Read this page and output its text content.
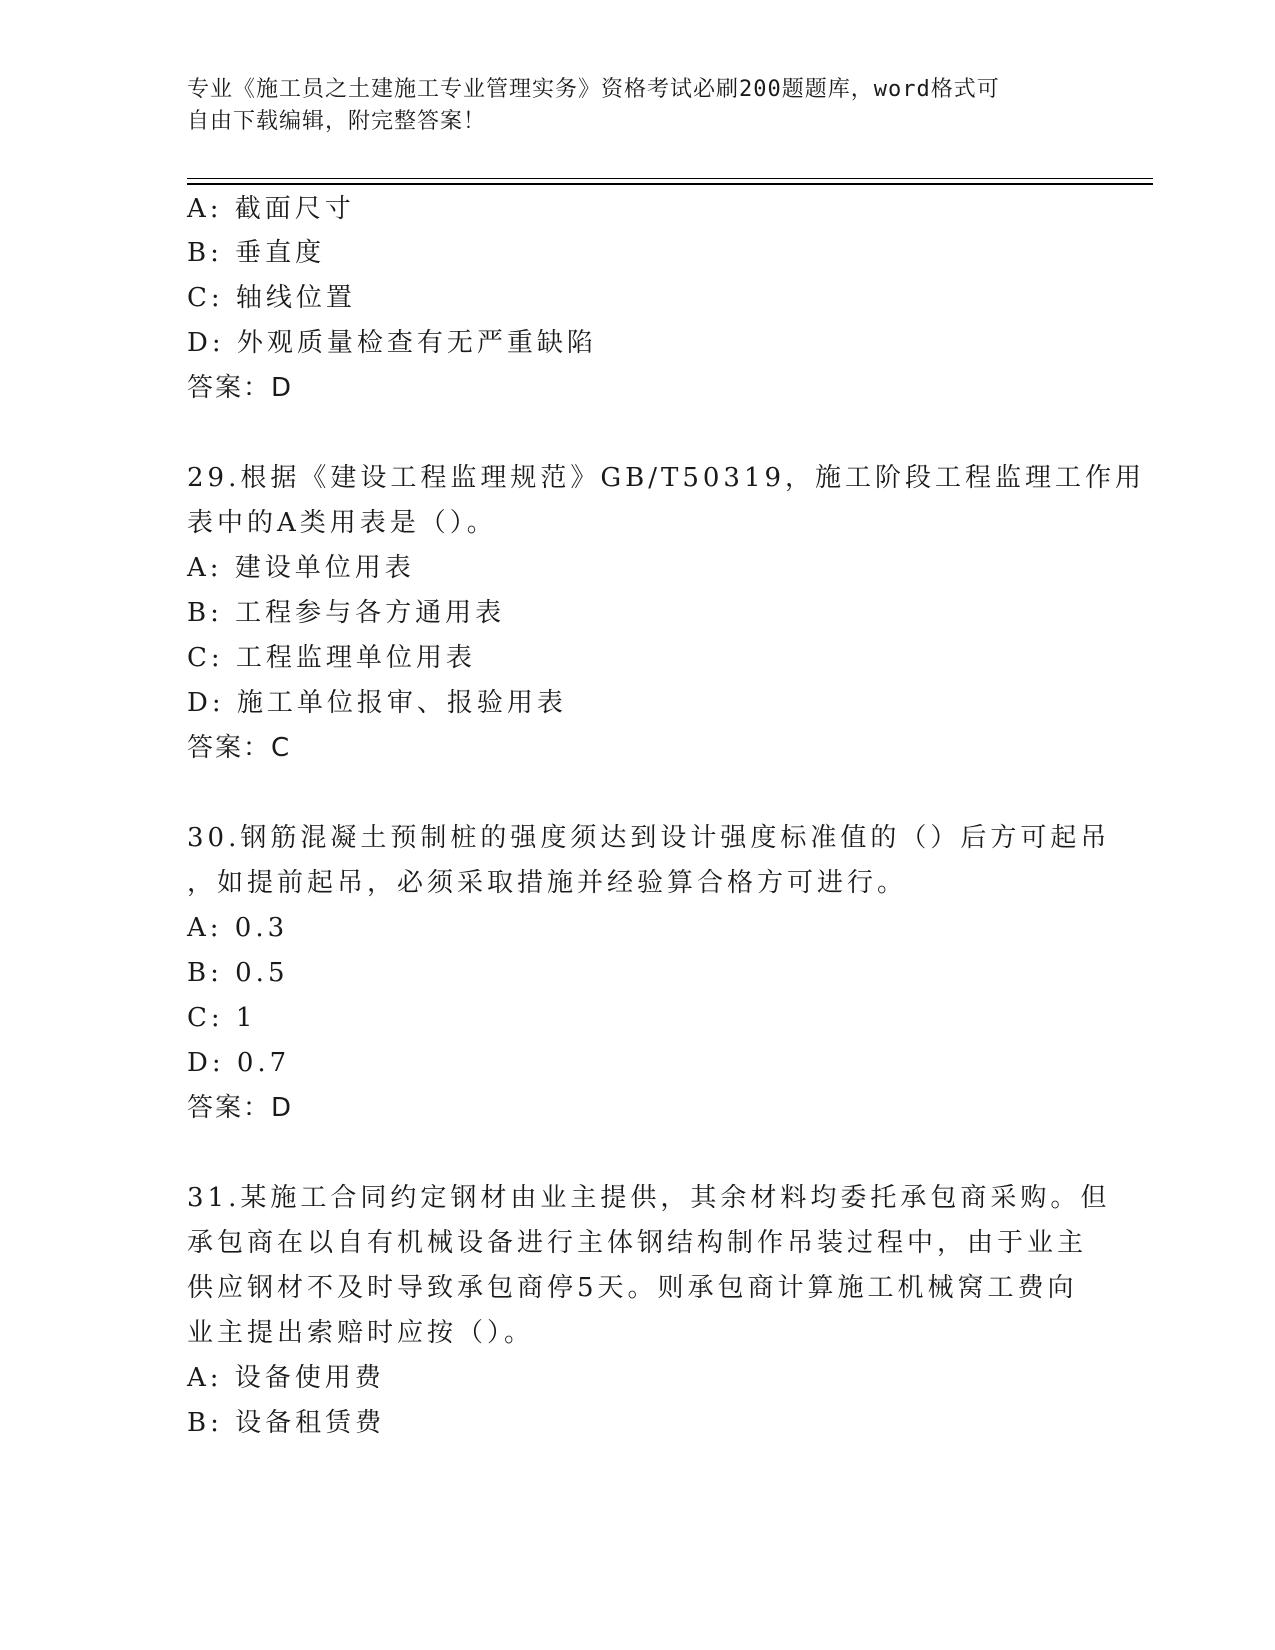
专业《施工员之土建施工专业管理实务》资格考试必刷200题题库，word格式可
自由下载编辑，附完整答案！
A: 截面尺寸
B: 垂直度
C: 轴线位置
D: 外观质量检查有无严重缺陷
答案：D
29.根据《建设工程监理规范》GB/T50319，施工阶段工程监理工作用
表中的A类用表是（）。
A: 建设单位用表
B: 工程参与各方通用表
C: 工程监理单位用表
D: 施工单位报审、报验用表
答案：C
30.钢筋混凝土预制桩的强度须达到设计强度标准值的（）后方可起吊
，如提前起吊，必须采取措施并经验算合格方可进行。
A: 0.3
B: 0.5
C: 1
D: 0.7
答案：D
31.某施工合同约定钢材由业主提供，其余材料均委托承包商采购。但
承包商在以自有机械设备进行主体钢结构制作吊装过程中，由于业主
供应钢材不及时导致承包商停5天。则承包商计算施工机械窝工费向
业主提出索赔时应按（）。
A: 设备使用费
B: 设备租赁费
